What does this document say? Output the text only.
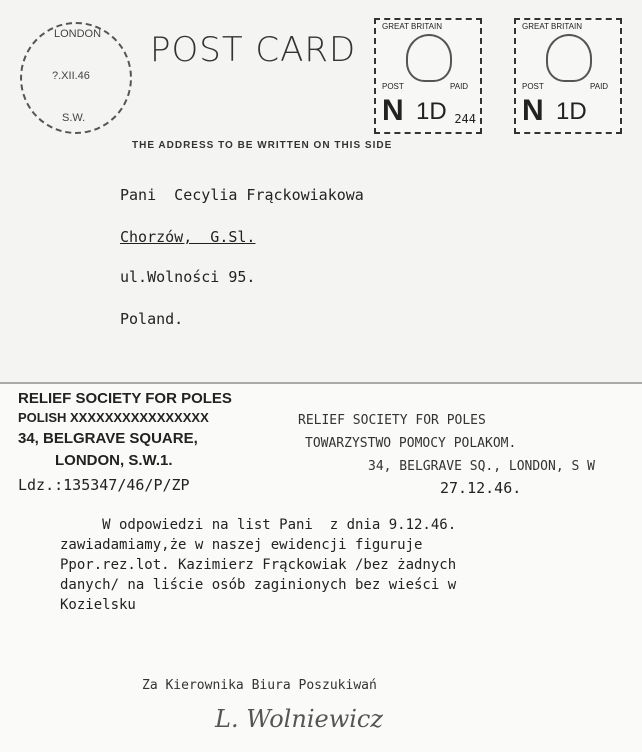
LONDON
?.XII.46
S.W.
POST CARD
THE ADDRESS TO BE WRITTEN ON THIS SIDE
GREAT BRITAIN
POST	PAID
N 1D 244
GREAT BRITAIN
POST	PAID
N 1D
Pani  Cecylia Frąckowiakowa
Chorzów,  G.Sl.
ul.Wolności 95.
Poland.
RELIEF SOCIETY FOR POLES
POLISH XXXXXXXXXXXXXXXX
34, BELGRAVE SQUARE,
LONDON, S.W.1.
Ldz.:135347/46/P/ZP
RELIEF SOCIETY FOR POLES
TOWARZYSTWO POMOCY POLAKOM.
34, BELGRAVE SQ., LONDON, S W
27.12.46.
W odpowiedzi na list Pani  z dnia 9.12.46.
zawiadamiamy,że w naszej ewidencji figuruje
Ppor.rez.lot. Kazimierz Frąckowiak /bez żadnych
danych/ na liście osób zaginionych bez wieści w
Kozielsku
Za Kierownika Biura Poszukiwań
L. Wolniewicz
